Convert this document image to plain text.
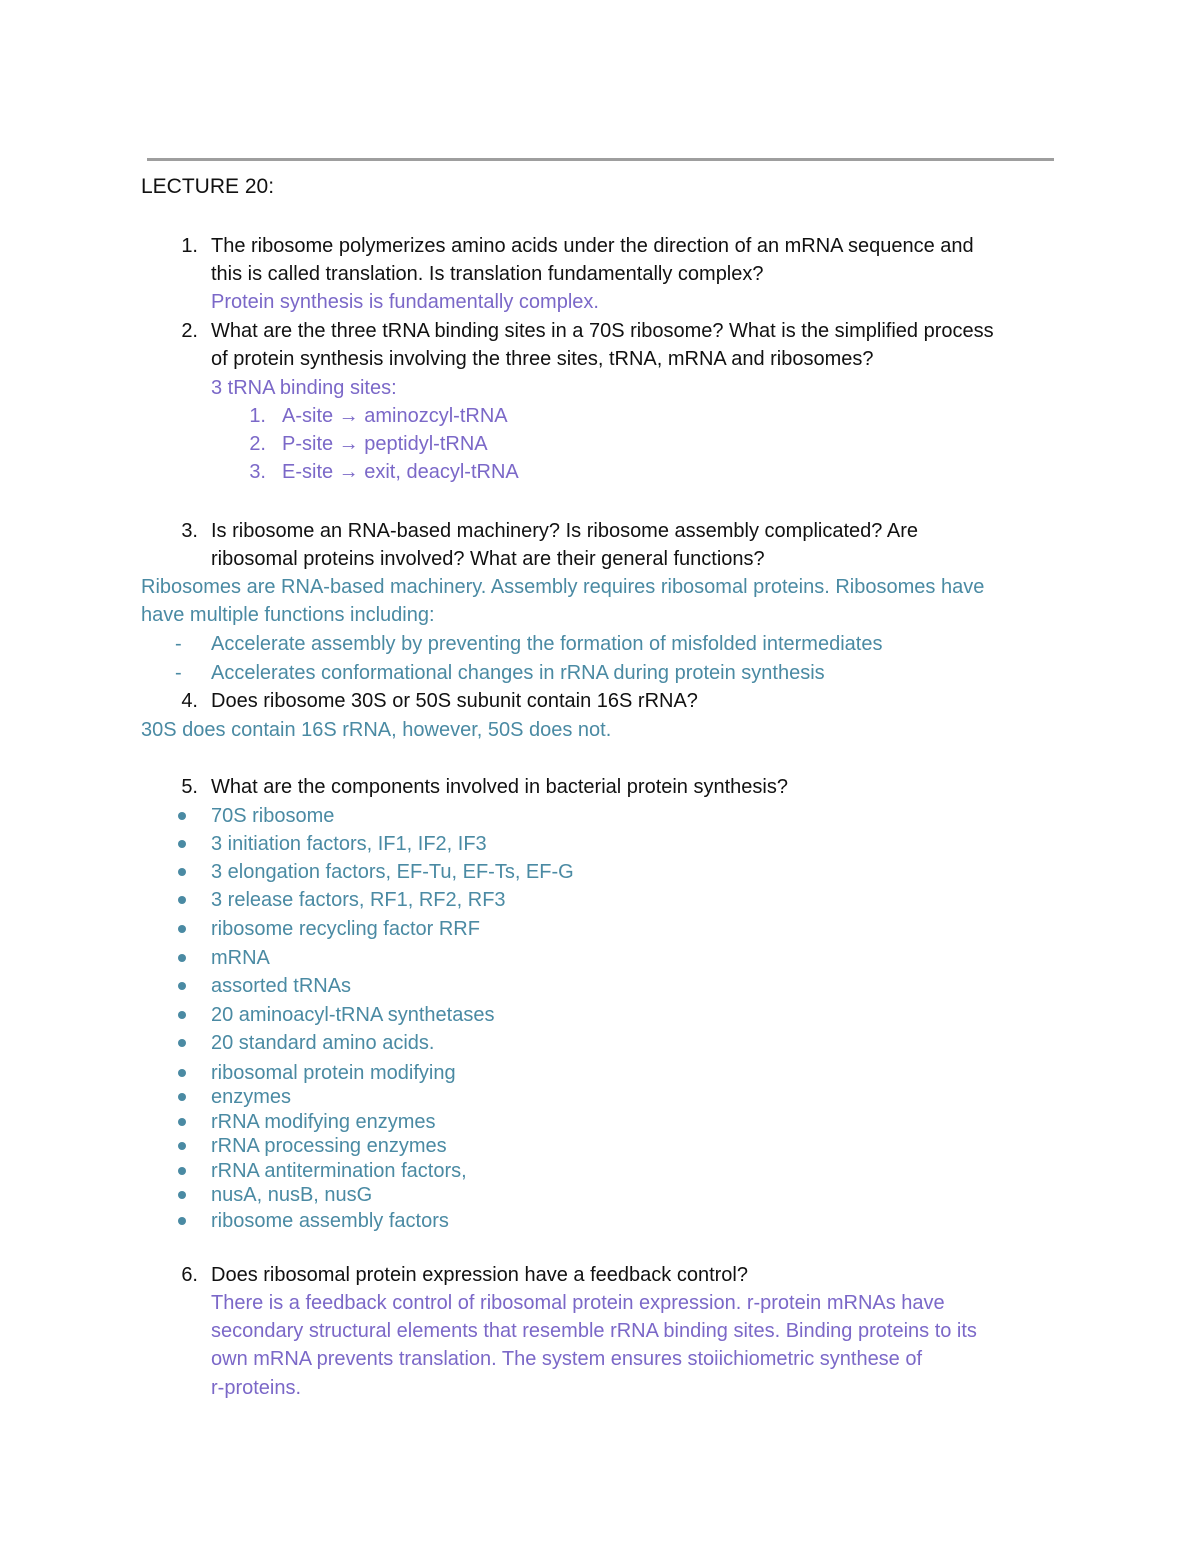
LECTURE 20:
1. The ribosome polymerizes amino acids under the direction of an mRNA sequence and
this is called translation. Is translation fundamentally complex?
Protein synthesis is fundamentally complex.
2. What are the three tRNA binding sites in a 70S ribosome? What is the simplified process
of protein synthesis involving the three sites, tRNA, mRNA and ribosomes?
3 tRNA binding sites:
1. A-site → aminozcyl-tRNA
2. P-site → peptidyl-tRNA
3. E-site → exit, deacyl-tRNA
3. Is ribosome an RNA-based machinery? Is ribosome assembly complicated? Are
ribosomal proteins involved? What are their general functions?
Ribosomes are RNA-based machinery. Assembly requires ribosomal proteins. Ribosomes have
have multiple functions including:
- Accelerate assembly by preventing the formation of misfolded intermediates
- Accelerates conformational changes in rRNA during protein synthesis
4. Does ribosome 30S or 50S subunit contain 16S rRNA?
30S does contain 16S rRNA, however, 50S does not.
5. What are the components involved in bacterial protein synthesis?
70S ribosome
3 initiation factors, IF1, IF2, IF3
3 elongation factors, EF-Tu, EF-Ts, EF-G
3 release factors, RF1, RF2, RF3
ribosome recycling factor RRF
mRNA
assorted tRNAs
20 aminoacyl-tRNA synthetases
20 standard amino acids.
ribosomal protein modifying
enzymes
rRNA modifying enzymes
rRNA processing enzymes
rRNA antitermination factors,
nusA, nusB, nusG
ribosome assembly factors
6. Does ribosomal protein expression have a feedback control?
There is a feedback control of ribosomal protein expression. r-protein mRNAs have
secondary structural elements that resemble rRNA binding sites. Binding proteins to its
own mRNA prevents translation. The system ensures stoiichiometric synthese of
r-proteins.
